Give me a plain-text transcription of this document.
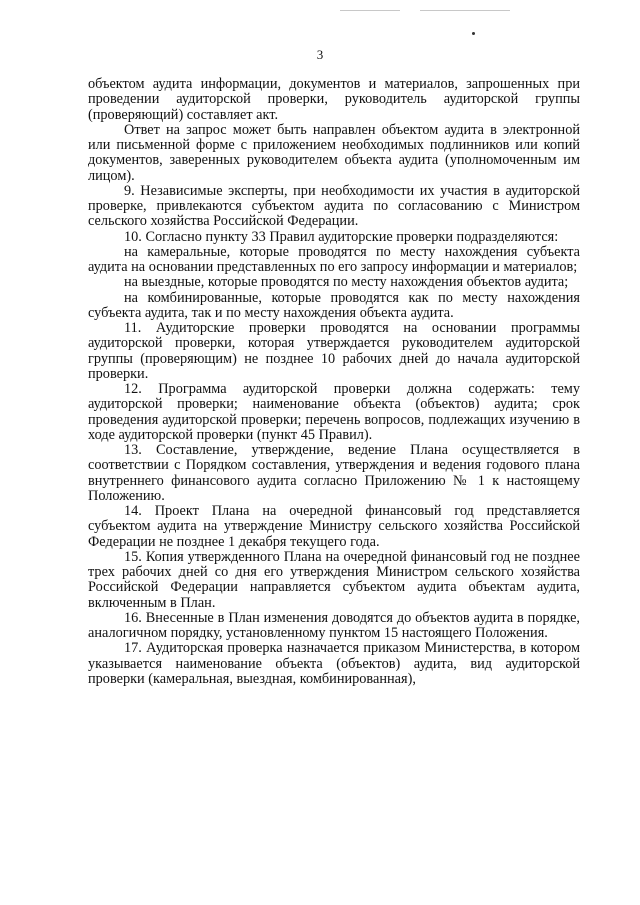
3

объектом аудита информации, документов и материалов, запрошенных при проведении аудиторской проверки, руководитель аудиторской группы (проверяющий) составляет акт.

Ответ на запрос может быть направлен объектом аудита в электронной или письменной форме с приложением необходимых подлинников или копий документов, заверенных руководителем объекта аудита (уполномоченным им лицом).

9. Независимые эксперты, при необходимости их участия в аудиторской проверке, привлекаются субъектом аудита по согласованию с Министром сельского хозяйства Российской Федерации.

10. Согласно пункту 33 Правил аудиторские проверки подразделяются:

на камеральные, которые проводятся по месту нахождения субъекта аудита на основании представленных по его запросу информации и материалов;

на выездные, которые проводятся по месту нахождения объектов аудита;

на комбинированные, которые проводятся как по месту нахождения субъекта аудита, так и по месту нахождения объекта аудита.

11. Аудиторские проверки проводятся на основании программы аудиторской проверки, которая утверждается руководителем аудиторской группы (проверяющим) не позднее 10 рабочих дней до начала аудиторской проверки.

12. Программа аудиторской проверки должна содержать: тему аудиторской проверки; наименование объекта (объектов) аудита; срок проведения аудиторской проверки; перечень вопросов, подлежащих изучению в ходе аудиторской проверки (пункт 45 Правил).

13. Составление, утверждение, ведение Плана осуществляется в соответствии с Порядком составления, утверждения и ведения годового плана внутреннего финансового аудита согласно Приложению № 1 к настоящему Положению.

14. Проект Плана на очередной финансовый год представляется субъектом аудита на утверждение Министру сельского хозяйства Российской Федерации не позднее 1 декабря текущего года.

15. Копия утвержденного Плана на очередной финансовый год не позднее трех рабочих дней со дня его утверждения Министром сельского хозяйства Российской Федерации направляется субъектом аудита объектам аудита, включенным в План.

16. Внесенные в План изменения доводятся до объектов аудита в порядке, аналогичном порядку, установленному пунктом 15 настоящего Положения.

17. Аудиторская проверка назначается приказом Министерства, в котором указывается наименование объекта (объектов) аудита, вид аудиторской проверки (камеральная, выездная, комбинированная),
